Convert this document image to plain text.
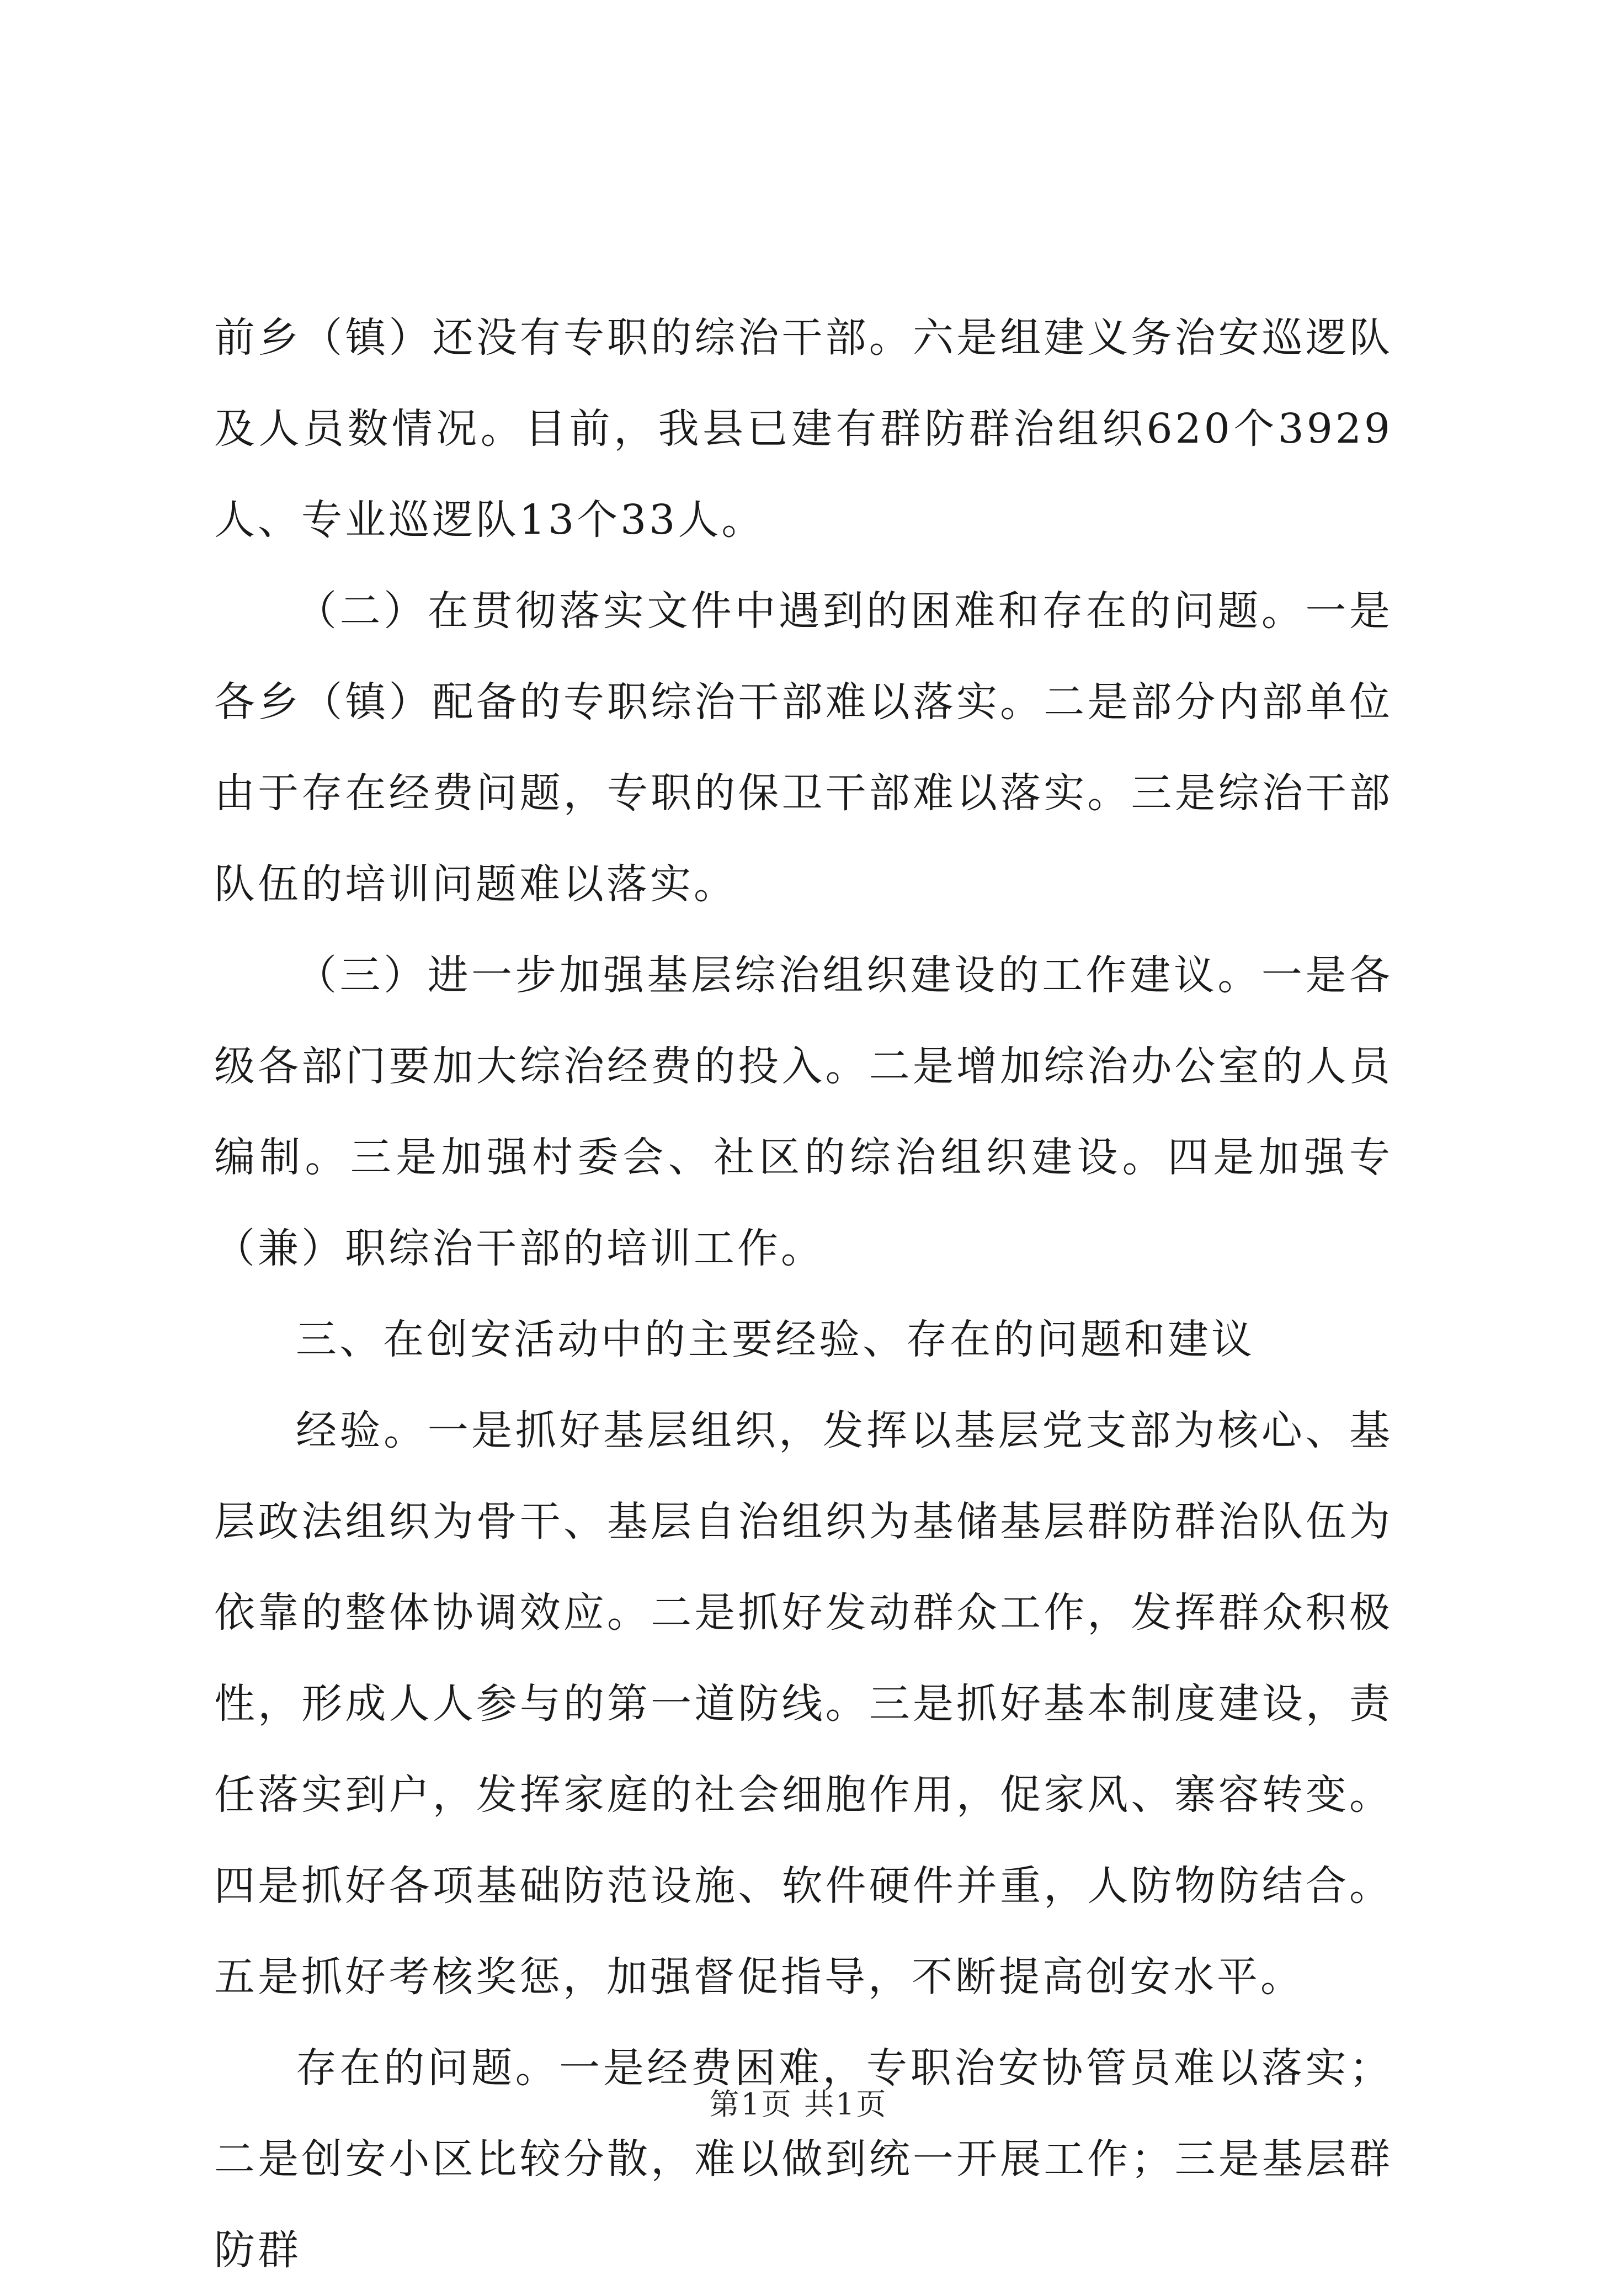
前乡（镇）还没有专职的综治干部。六是组建义务治安巡逻队及人员数情况。目前，我县已建有群防群治组织620个3929人、专业巡逻队13个33人。

（二）在贯彻落实文件中遇到的困难和存在的问题。一是各乡（镇）配备的专职综治干部难以落实。二是部分内部单位由于存在经费问题，专职的保卫干部难以落实。三是综治干部队伍的培训问题难以落实。

（三）进一步加强基层综治组织建设的工作建议。一是各级各部门要加大综治经费的投入。二是增加综治办公室的人员编制。三是加强村委会、社区的综治组织建设。四是加强专（兼）职综治干部的培训工作。

三、在创安活动中的主要经验、存在的问题和建议

经验。一是抓好基层组织，发挥以基层党支部为核心、基层政法组织为骨干、基层自治组织为基储基层群防群治队伍为依靠的整体协调效应。二是抓好发动群众工作，发挥群众积极性，形成人人参与的第一道防线。三是抓好基本制度建设，责任落实到户，发挥家庭的社会细胞作用，促家风、寨容转变。四是抓好各项基础防范设施、软件硬件并重，人防物防结合。五是抓好考核奖惩，加强督促指导，不断提高创安水平。

存在的问题。一是经费困难，专职治安协管员难以落实；二是创安小区比较分散，难以做到统一开展工作；三是基层群防群

第1页 共1页
